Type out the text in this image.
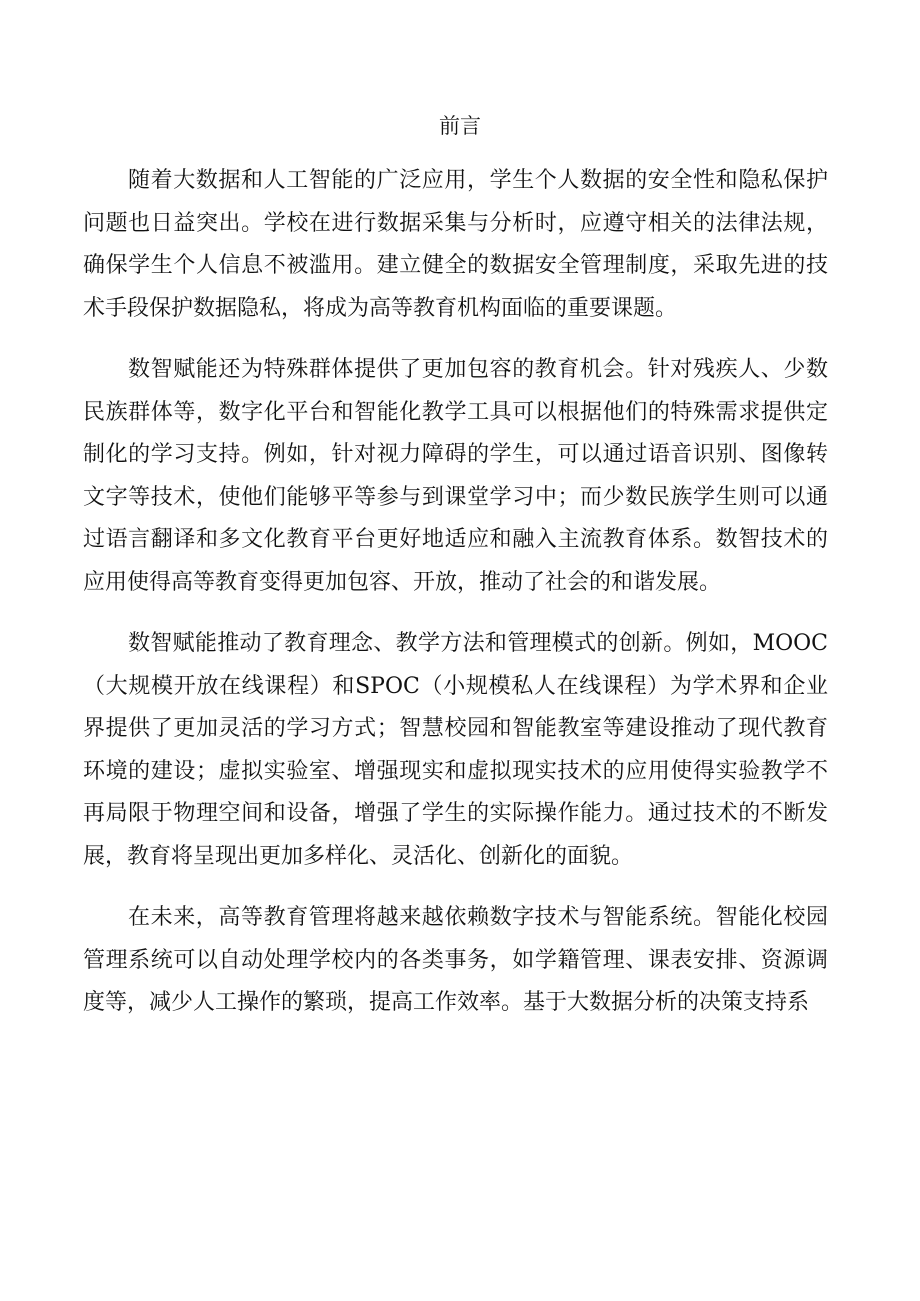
前言

随着大数据和人工智能的广泛应用，学生个人数据的安全性和隐私保护问题也日益突出。学校在进行数据采集与分析时，应遵守相关的法律法规，确保学生个人信息不被滥用。建立健全的数据安全管理制度，采取先进的技术手段保护数据隐私，将成为高等教育机构面临的重要课题。

数智赋能还为特殊群体提供了更加包容的教育机会。针对残疾人、少数民族群体等，数字化平台和智能化教学工具可以根据他们的特殊需求提供定制化的学习支持。例如，针对视力障碍的学生，可以通过语音识别、图像转文字等技术，使他们能够平等参与到课堂学习中；而少数民族学生则可以通过语言翻译和多文化教育平台更好地适应和融入主流教育体系。数智技术的应用使得高等教育变得更加包容、开放，推动了社会的和谐发展。

数智赋能推动了教育理念、教学方法和管理模式的创新。例如，MOOC（大规模开放在线课程）和SPOC（小规模私人在线课程）为学术界和企业界提供了更加灵活的学习方式；智慧校园和智能教室等建设推动了现代教育环境的建设；虚拟实验室、增强现实和虚拟现实技术的应用使得实验教学不再局限于物理空间和设备，增强了学生的实际操作能力。通过技术的不断发展，教育将呈现出更加多样化、灵活化、创新化的面貌。

在未来，高等教育管理将越来越依赖数字技术与智能系统。智能化校园管理系统可以自动处理学校内的各类事务，如学籍管理、课表安排、资源调度等，减少人工操作的繁琐，提高工作效率。基于大数据分析的决策支持系
